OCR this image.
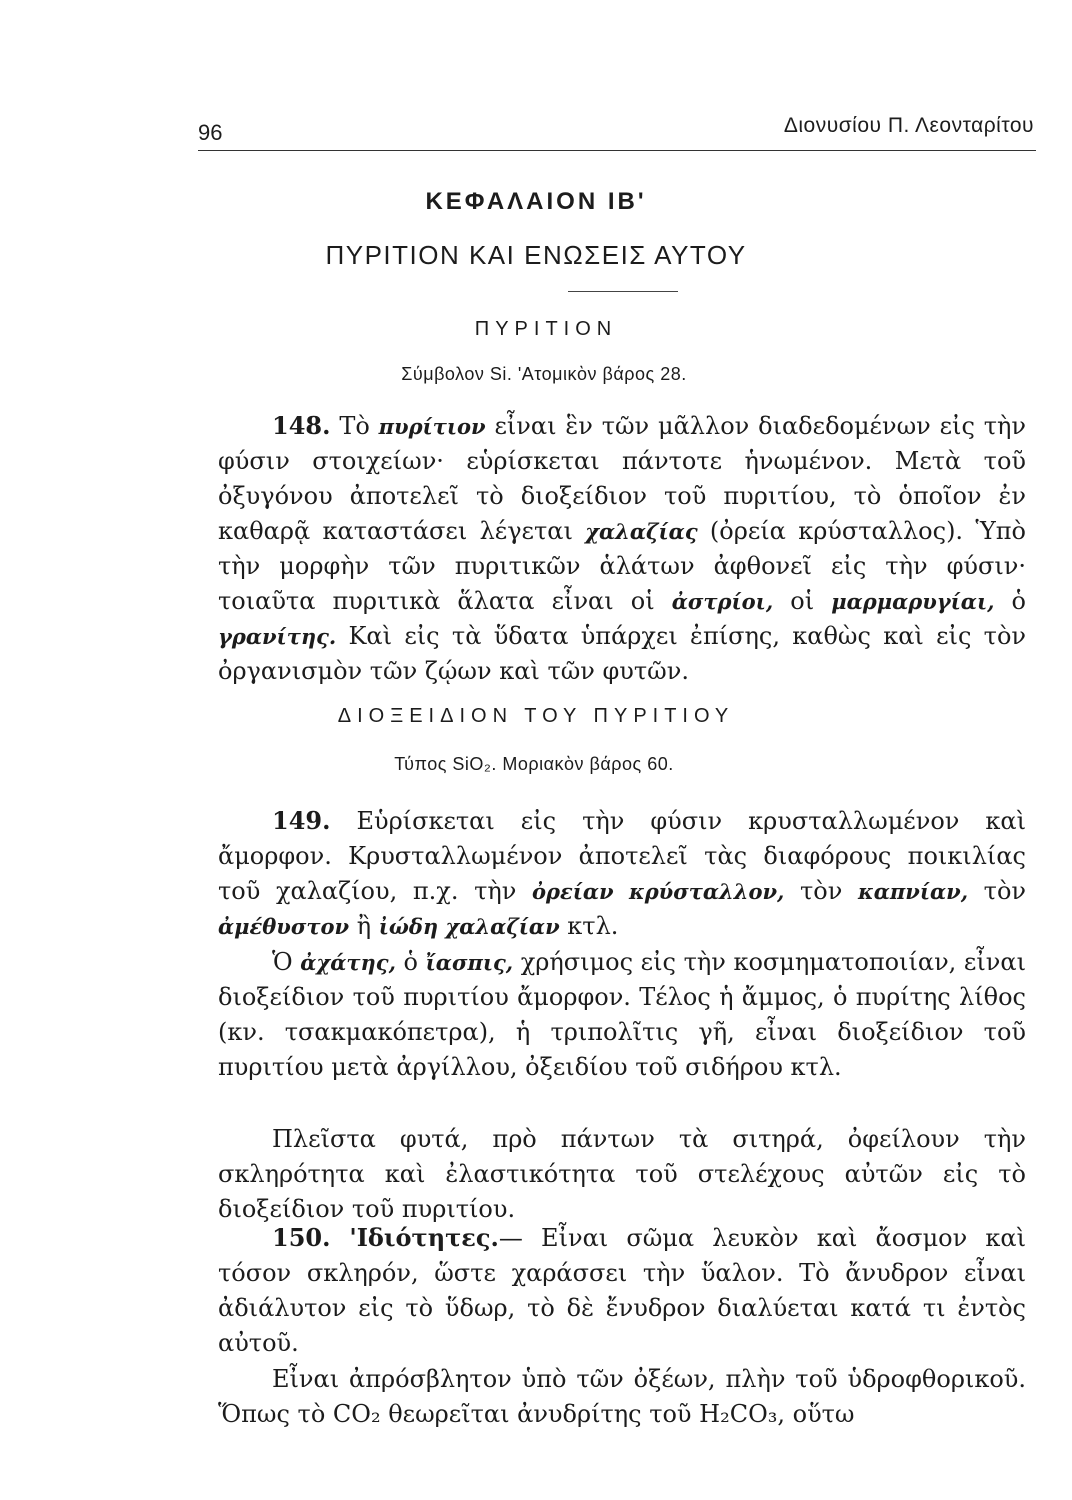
96	Διονυσίου Π. Λεονταρίτου
ΚΕΦΑΛΑΙΟΝ ΙΒ'
ΠΥΡΙΤΙΟΝ ΚΑΙ ΕΝΩΣΕΙΣ ΑΥΤΟΥ
ΠΥΡΙΤΙΟΝ
Σύμβολον Si. 'Ατομικὸν βάρος 28.
148. Τὸ πυρίτιον εἶναι ἓν τῶν μᾶλλον διαδεδομένων εἰς τὴν φύσιν στοιχείων· εὑρίσκεται πάντοτε ἡνωμένον. Μετὰ τοῦ ὀξυγόνου ἀποτελεῖ τὸ διοξείδιον τοῦ πυριτίου, τὸ ὁποῖον ἐν καθαρᾷ καταστάσει λέγεται χαλαζίας (ὀρεία κρύσταλλος). Ὑπὸ τὴν μορφὴν τῶν πυριτικῶν ἁλάτων ἀφθονεῖ εἰς τὴν φύσιν· τοιαῦτα πυριτικὰ ἅλατα εἶναι οἱ ἀστρίοι, οἱ μαρμαρυγίαι, ὁ γρανίτης. Καὶ εἰς τὰ ὕδατα ὑπάρχει ἐπίσης, καθὼς καὶ εἰς τὸν ὀργανισμὸν τῶν ζῴων καὶ τῶν φυτῶν.
ΔΙΟΞΕΙΔΙΟΝ ΤΟΥ ΠΥΡΙΤΙΟΥ
Τύπος SiO₂. Μοριακὸν βάρος 60.
149. Εὑρίσκεται εἰς τὴν φύσιν κρυσταλλωμένον καὶ ἄμορφον. Κρυσταλλωμένον ἀποτελεῖ τὰς διαφόρους ποικιλίας τοῦ χαλαζίου, π.χ. τὴν ὀρείαν κρύσταλλον, τὸν καπνίαν, τὸν ἀμέθυστον ἢ ἰώδη χαλαζίαν κτλ.
Ὁ ἀχάτης, ὁ ἴασπις, χρήσιμος εἰς τὴν κοσμηματοποιίαν, εἶναι διοξείδιον τοῦ πυριτίου ἄμορφον. Τέλος ἡ ἄμμος, ὁ πυρίτης λίθος (κν. τσακμακόπετρα), ἡ τριπολῖτις γῆ, εἶναι διοξείδιον τοῦ πυριτίου μετὰ ἀργίλλου, ὀξειδίου τοῦ σιδήρου κτλ.
Πλεῖστα φυτά, πρὸ πάντων τὰ σιτηρά, ὀφείλουν τὴν σκληρότητα καὶ ἐλαστικότητα τοῦ στελέχους αὐτῶν εἰς τὸ διοξείδιον τοῦ πυριτίου.
150. 'Ιδιότητες.— Εἶναι σῶμα λευκὸν καὶ ἄοσμον καὶ τόσον σκληρόν, ὥστε χαράσσει τὴν ὕαλον. Τὸ ἄνυδρον εἶναι ἀδιάλυτον εἰς τὸ ὕδωρ, τὸ δὲ ἔνυδρον διαλύεται κατά τι ἐντὸς αὐτοῦ.
Εἶναι ἀπρόσβλητον ὑπὸ τῶν ὀξέων, πλὴν τοῦ ὑδροφθορικοῦ. Ὅπως τὸ CO₂ θεωρεῖται ἀνυδρίτης τοῦ H₂CO₃, οὕτω
